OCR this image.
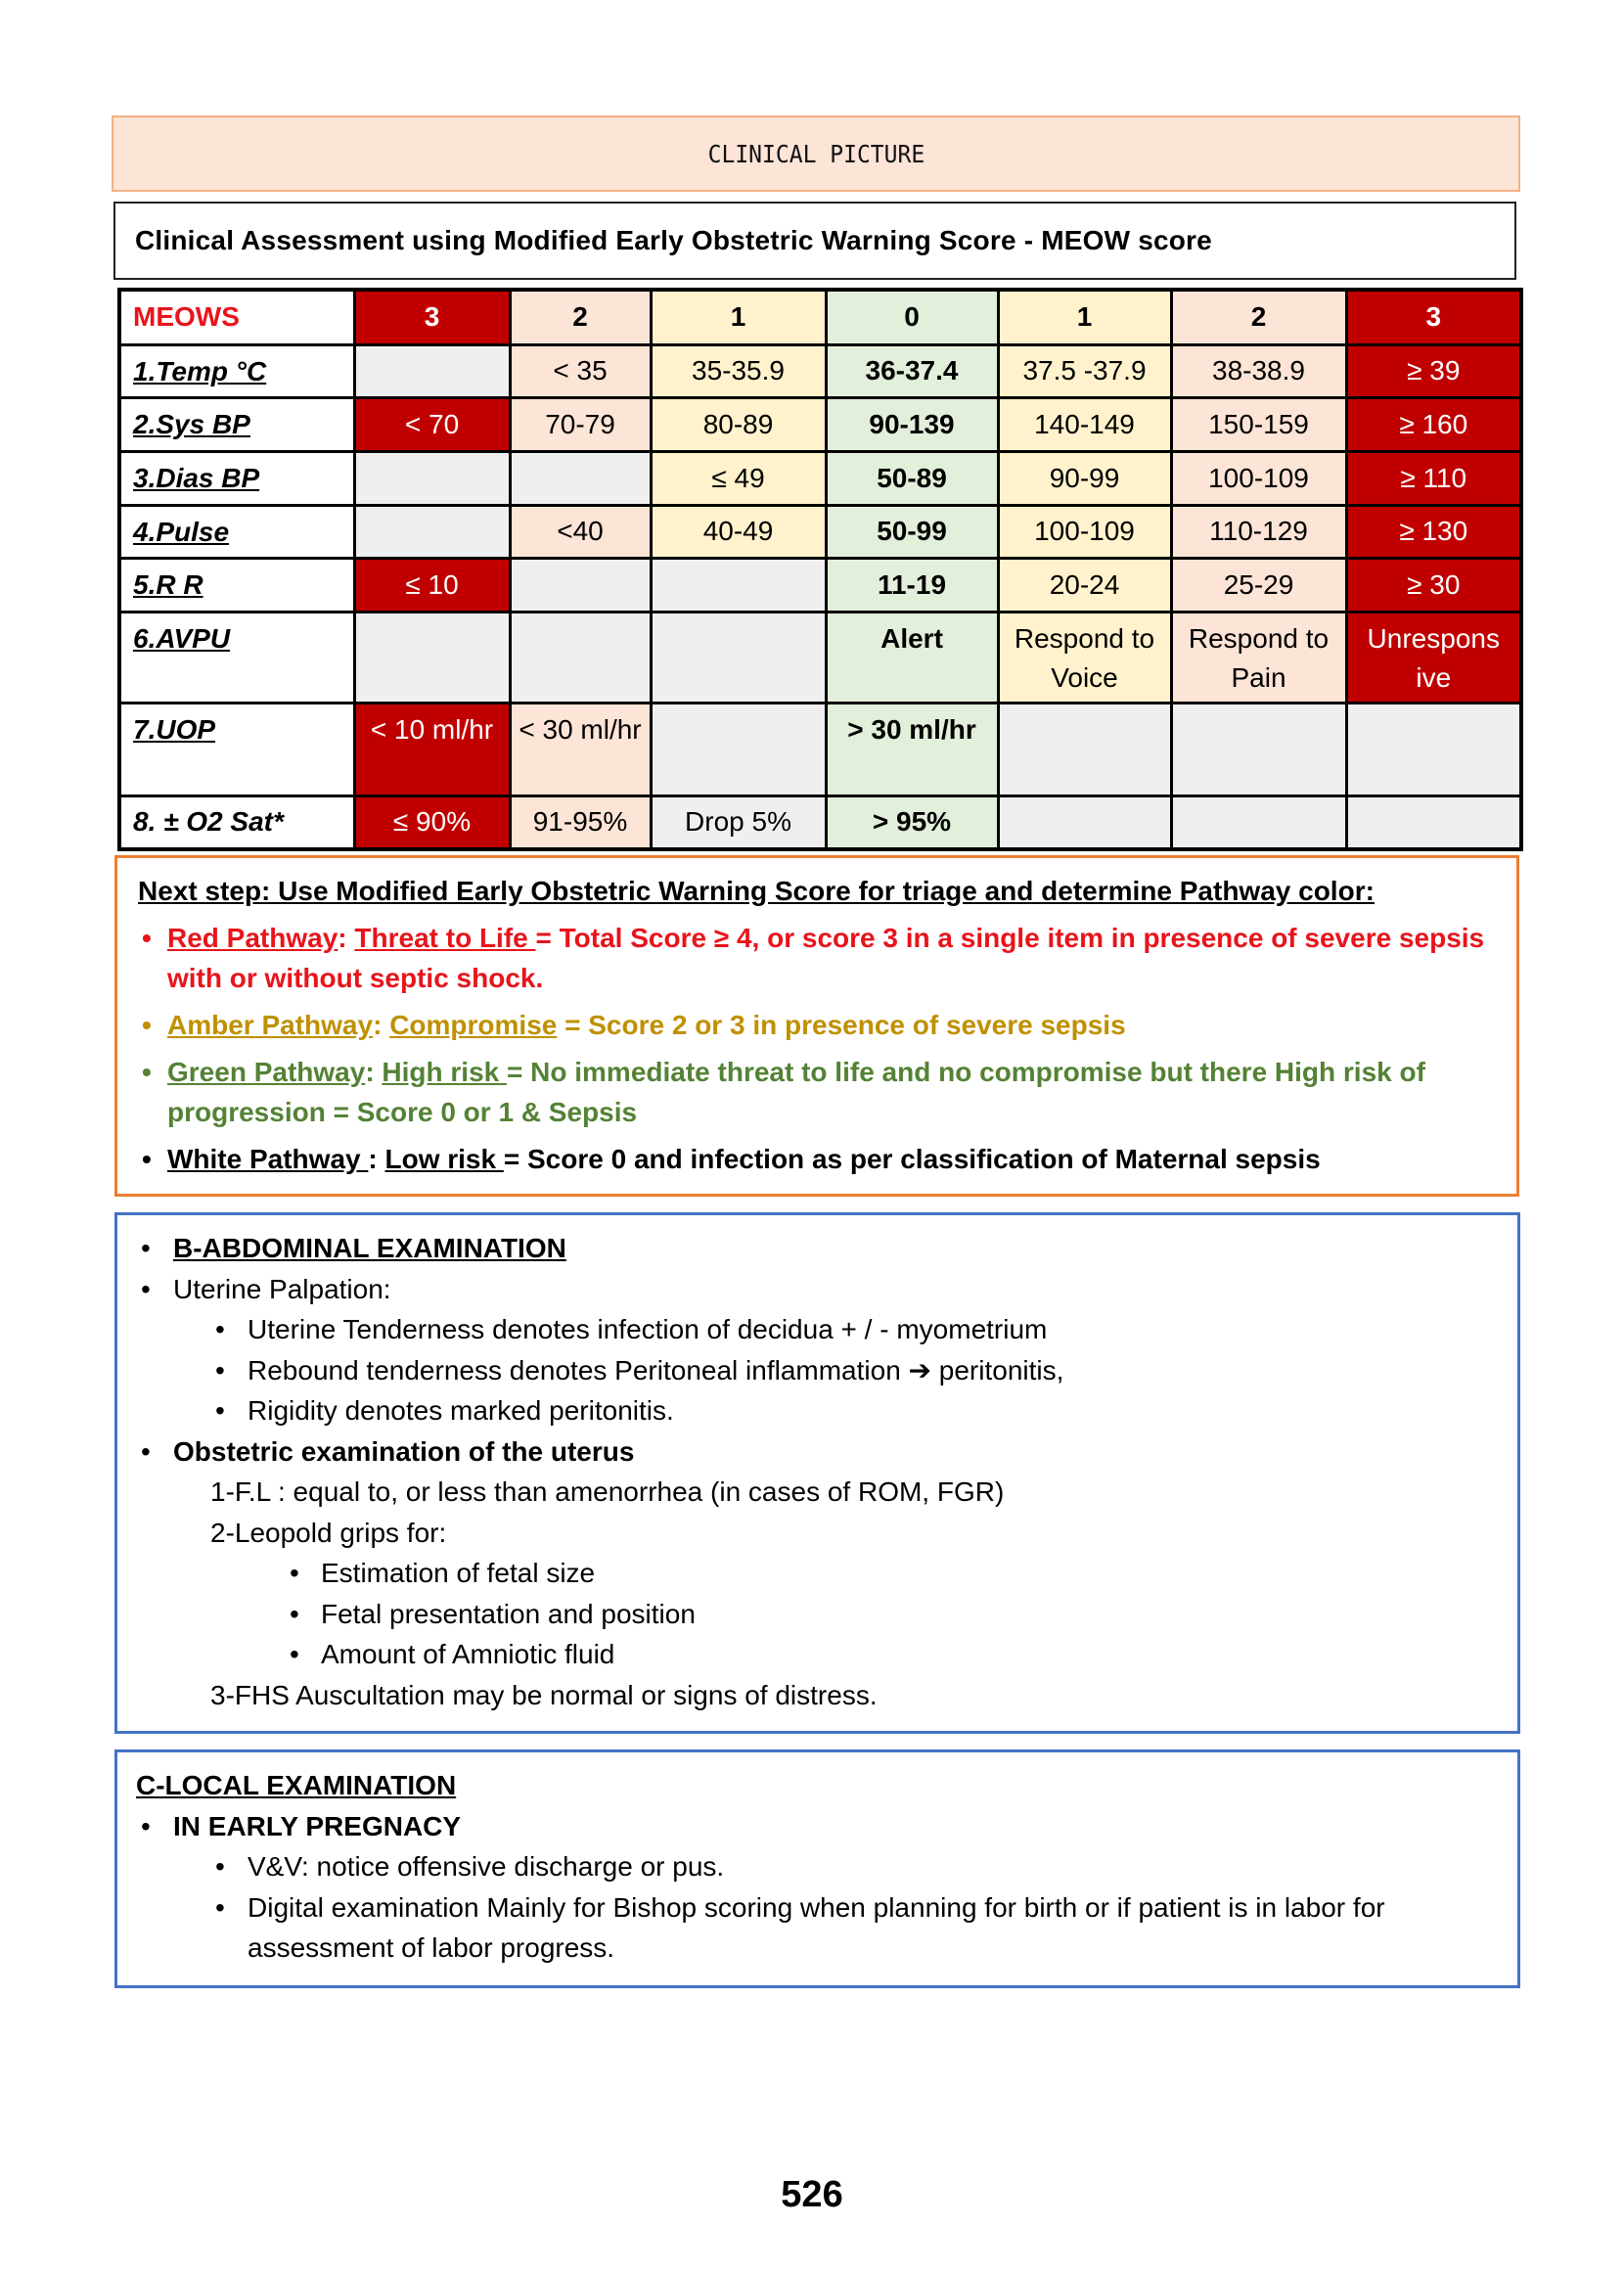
CLINICAL PICTURE
Clinical Assessment using Modified Early Obstetric Warning Score - MEOW score
MEOWS	3	2	1	0	1	2	3
1.Temp °C		< 35	35-35.9	36-37.4	37.5 -37.9	38-38.9	≥ 39
2.Sys BP	< 70	70-79	80-89	90-139	140-149	150-159	≥ 160
3.Dias BP			≤ 49	50-89	90-99	100-109	≥ 110
4.Pulse		<40	40-49	50-99	100-109	110-129	≥ 130
5.R R	≤ 10			11-19	20-24	25-29	≥ 30
6.AVPU				Alert	Respond to Voice	Respond to Pain	Unrespons ive
7.UOP	< 10 ml/hr	< 30 ml/hr		> 30 ml/hr			
8. ± O2 Sat*	≤ 90%	91-95%	Drop 5%	> 95%			
Next step: Use Modified Early Obstetric Warning Score for triage and determine Pathway color:
• Red Pathway: Threat to Life = Total Score ≥ 4, or score 3 in a single item in presence of severe sepsis with or without septic shock.
• Amber Pathway: Compromise = Score 2 or 3 in presence of severe sepsis
• Green Pathway: High risk = No immediate threat to life and no compromise but there High risk of progression = Score 0 or 1 & Sepsis
• White Pathway : Low risk = Score 0 and infection as per classification of Maternal sepsis
• B-ABDOMINAL EXAMINATION
• Uterine Palpation:
• Uterine Tenderness denotes infection of decidua + / - myometrium
• Rebound tenderness denotes Peritoneal inflammation ➔ peritonitis,
• Rigidity denotes marked peritonitis.
• Obstetric examination of the uterus
1-F.L : equal to, or less than amenorrhea (in cases of ROM, FGR)
2-Leopold grips for:
• Estimation of fetal size
• Fetal presentation and position
• Amount of Amniotic fluid
3-FHS Auscultation may be normal or signs of distress.
C-LOCAL EXAMINATION
• IN EARLY PREGNACY
• V&V: notice offensive discharge or pus.
• Digital examination Mainly for Bishop scoring when planning for birth or if patient is in labor for assessment of labor progress.
526
